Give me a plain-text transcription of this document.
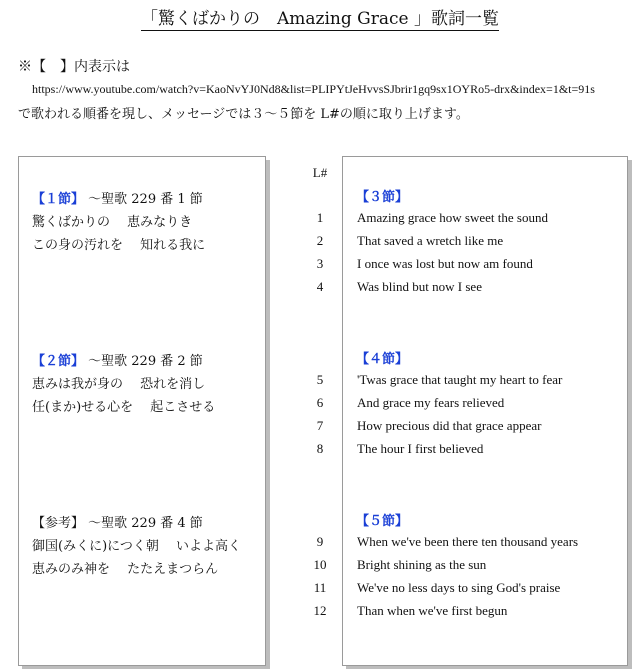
「驚くばかりの　Amazing Grace 」歌詞一覧
※【　】内表示は
https://www.youtube.com/watch?v=KaoNvYJ0Nd8&list=PLIPYtJeHvvsSJbrir1gq9sx1OYRo5-drx&index=1&t=91s
で歌われる順番を現し、メッセージでは３～５節を L#の順に取り上げます。
L#
【１節】 ～聖歌 229 番 1 節
驚くばかりの　 恵みなりき
この身の汚れを　 知れる我に
【２節】 ～聖歌 229 番 2 節
恵みは我が身の　 恐れを消し
任(まか)せる心を　 起こさせる
【参考】 ～聖歌 229 番 4 節
御国(みくに)につく朝　 いよよ高く
恵みのみ神を　 たたえまつらん
【３節】
1	Amazing grace how sweet the sound
2	That saved a wretch like me
3	I once was lost but now am found
4	Was blind but now I see
【４節】
5	'Twas grace that taught my heart to fear
6	And grace my fears relieved
7	How precious did that grace appear
8	The hour I first believed
【５節】
9	When we've been there ten thousand years
10	Bright shining as the sun
11	We've no less days to sing God's praise
12	Than when we've first begun
